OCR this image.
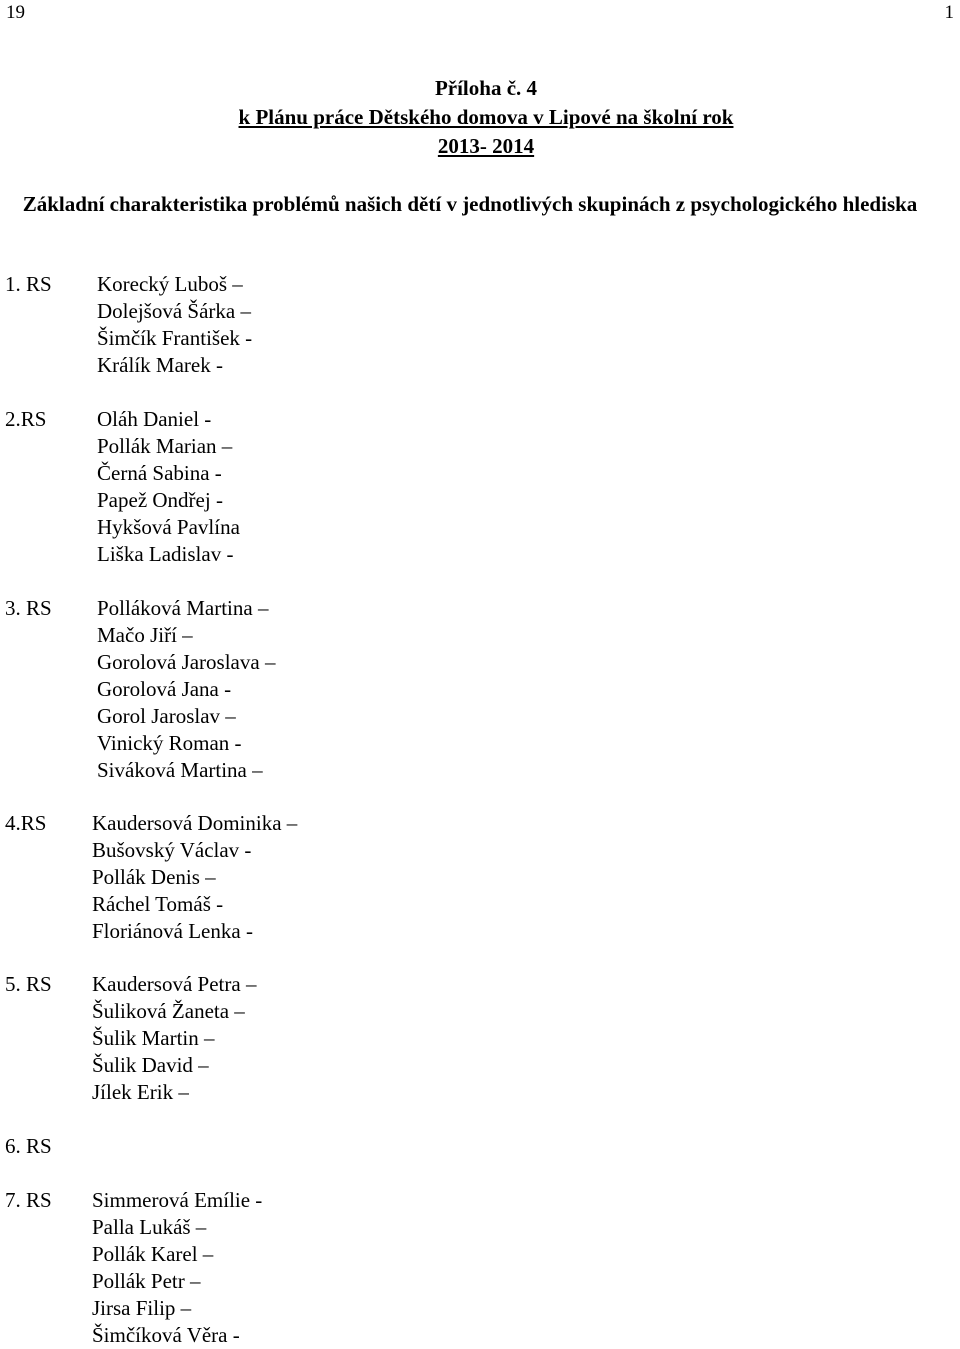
19	1
Příloha č. 4
k Plánu práce Dětského domova v Lipové na školní rok
2013- 2014
Základní charakteristika problémů našich dětí v jednotlivých skupinách z psychologického hlediska
1. RS Korecký Luboš –
Dolejšová Šárka –
Šimčík František -
Králík Marek -
2.RS Oláh Daniel -
Pollák Marian –
Černá Sabina -
Papež Ondřej -
Hykšová Pavlína
Liška Ladislav -
3. RS Polláková Martina –
Mačo Jiří –
Gorolová Jaroslava –
Gorolová Jana -
Gorol Jaroslav –
Vinický Roman -
Siváková Martina –
4.RS Kaudersová Dominika –
Bušovský Václav -
Pollák Denis –
Ráchel Tomáš -
Floriánová Lenka -
5. RS Kaudersová Petra –
Šuliková Žaneta –
Šulik Martin –
Šulik David –
Jílek Erik –
6. RS
7. RS Simmerová Emílie -
Palla Lukáš –
Pollák Karel –
Pollák Petr –
Jirsa Filip –
Šimčíková Věra -
